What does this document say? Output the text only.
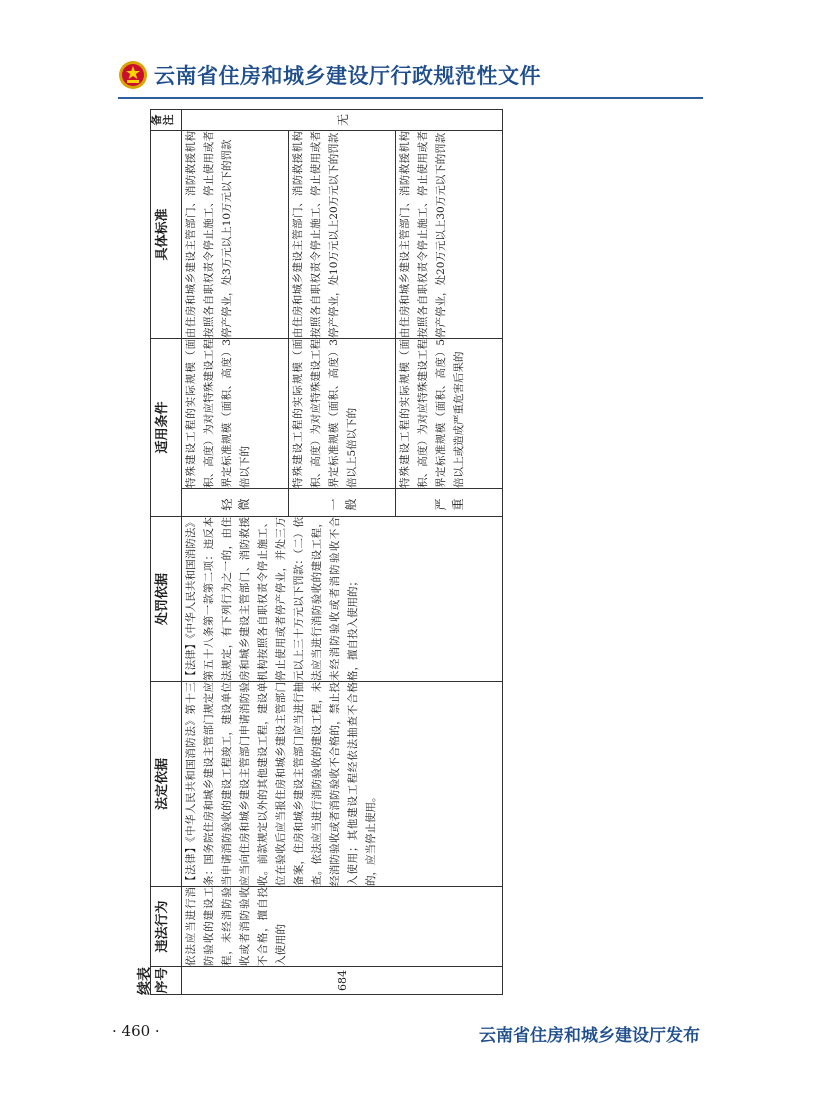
云南省住房和城乡建设厅行政规范性文件
续表 序号	违法行为	法定依据	处罚依据	适用条件		具体标准	备注
684	依法应当进行消防验收的建设工程，未经消防验收或者消防验收不合格，擅自投入使用的	【法律】《中华人民共和国消防法》第十三条：国务院住房和城乡建设主管部门规定应当申请消防验收的建设工程竣工，建设单位应当向住房和城乡建设主管部门申请消防验收。前款规定以外的其他建设工程，建设单位在验收后应当报住房和城乡建设主管部门备案，住房和城乡建设主管部门应当进行抽查。依法应当进行消防验收的建设工程，未经消防验收或者消防验收不合格的，禁止投入使用；其他建设工程经依法抽查不合格的，应当停止使用。	【法律】《中华人民共和国消防法》第五十八条第一款第二项：违反本法规定，有下列行为之一的，由住房和城乡建设主管部门、消防救援机构按照各自职权责令停止施工、停止使用或者停产停业，并处三万元以上三十万元以下罚款：（二）依法应当进行消防验收的建设工程，未经消防验收或者消防验收不合格，擅自投入使用的；	轻微	特殊建设工程的实际规模（面积、高度）为对应特殊建设工程界定标准规模（面积、高度）3倍以下的	由住房和城乡建设主管部门、消防救援机构按照各自职权责令停止施工、停止使用或者停产停业，处3万元以上10万元以下的罚款	无
				一般	特殊建设工程的实际规模（面积、高度）为对应特殊建设工程界定标准规模（面积、高度）3倍以上5倍以下的	由住房和城乡建设主管部门、消防救援机构按照各自职权责令停止施工、停止使用或者停产停业，处10万元以上20万元以下的罚款	
				严重	特殊建设工程的实际规模（面积、高度）为对应特殊建设工程界定标准规模（面积、高度）5倍以上或造成严重危害后果的	由住房和城乡建设主管部门、消防救援机构按照各自职权责令停止施工、停止使用或者停产停业，处20万元以上30万元以下的罚款	
· 460 ·	云南省住房和城乡建设厅发布
